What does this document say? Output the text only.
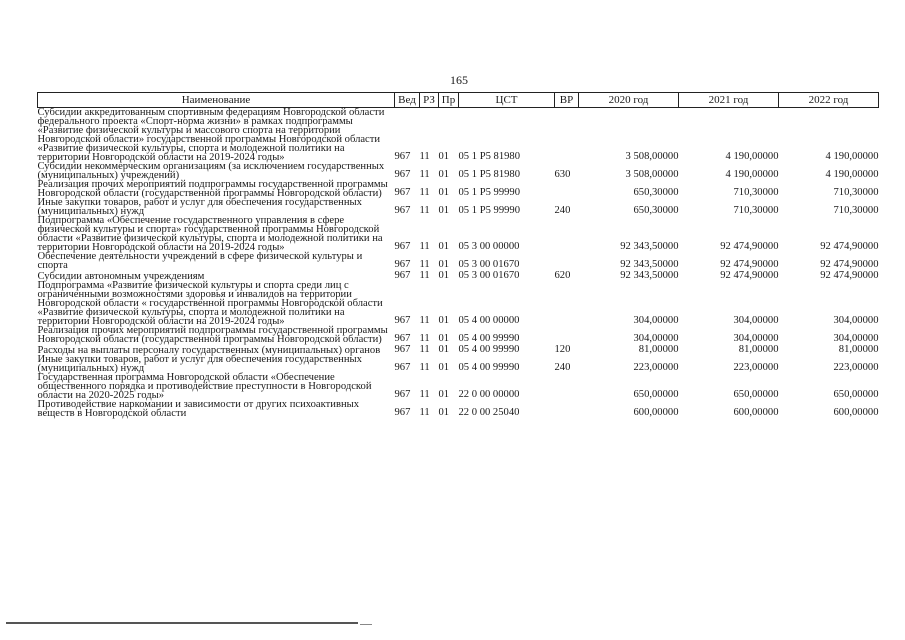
165
Наименование	Вед	РЗ	Пр	ЦСТ	ВР	2020 год	2021 год	2022 год
Субсидии аккредитованным спортивным федерациям Новгородской области федерального проекта «Спорт-норма жизни» в рамках подпрограммы «Развитие физической культуры и массового спорта на территории Новгородской области» государственной программы Новгородской области «Развитие физической культуры, спорта и молодежной политики на территории Новгородской области на 2019-2024 годы»	967	11	01	05 1 P5 81980		3 508,00000	4 190,00000	4 190,00000
Субсидии некоммерческим организациям (за исключением государственных (муниципальных) учреждений)	967	11	01	05 1 P5 81980	630	3 508,00000	4 190,00000	4 190,00000
Реализация прочих мероприятий подпрограммы государственной программы Новгородской области (государственной программы Новгородской области)	967	11	01	05 1 P5 99990		650,30000	710,30000	710,30000
Иные закупки товаров, работ и услуг для обеспечения государственных (муниципальных) нужд	967	11	01	05 1 P5 99990	240	650,30000	710,30000	710,30000
Подпрограмма «Обеспечение государственного управления в сфере физической культуры и спорта» государственной программы Новгородской области «Развитие физической культуры, спорта и молодежной политики на территории Новгородской области на 2019-2024 годы»	967	11	01	05 3 00 00000		92 343,50000	92 474,90000	92 474,90000
Обеспечение деятельности учреждений в сфере физической культуры и спорта	967	11	01	05 3 00 01670		92 343,50000	92 474,90000	92 474,90000
Субсидии автономным учреждениям	967	11	01	05 3 00 01670	620	92 343,50000	92 474,90000	92 474,90000
Подпрограмма «Развитие физической культуры и спорта среди лиц с ограниченными возможностями здоровья и инвалидов на территории Новгородской области « государственной программы Новгородской области «Развитие физической культуры, спорта и молодежной политики на территории Новгородской области на 2019-2024 годы»	967	11	01	05 4 00 00000		304,00000	304,00000	304,00000
Реализация прочих мероприятий подпрограммы государственной программы Новгородской области (государственной программы Новгородской области)	967	11	01	05 4 00 99990		304,00000	304,00000	304,00000
Расходы на выплаты персоналу государственных (муниципальных) органов	967	11	01	05 4 00 99990	120	81,00000	81,00000	81,00000
Иные закупки товаров, работ и услуг для обеспечения государственных (муниципальных) нужд	967	11	01	05 4 00 99990	240	223,00000	223,00000	223,00000
Государственная программа Новгородской области «Обеспечение общественного порядка и противодействие преступности в Новгородской области на 2020-2025 годы»	967	11	01	22 0 00 00000		650,00000	650,00000	650,00000
Противодействие наркомании и зависимости от других психоактивных веществ в Новгородской области	967	11	01	22 0 00 25040		600,00000	600,00000	600,00000
